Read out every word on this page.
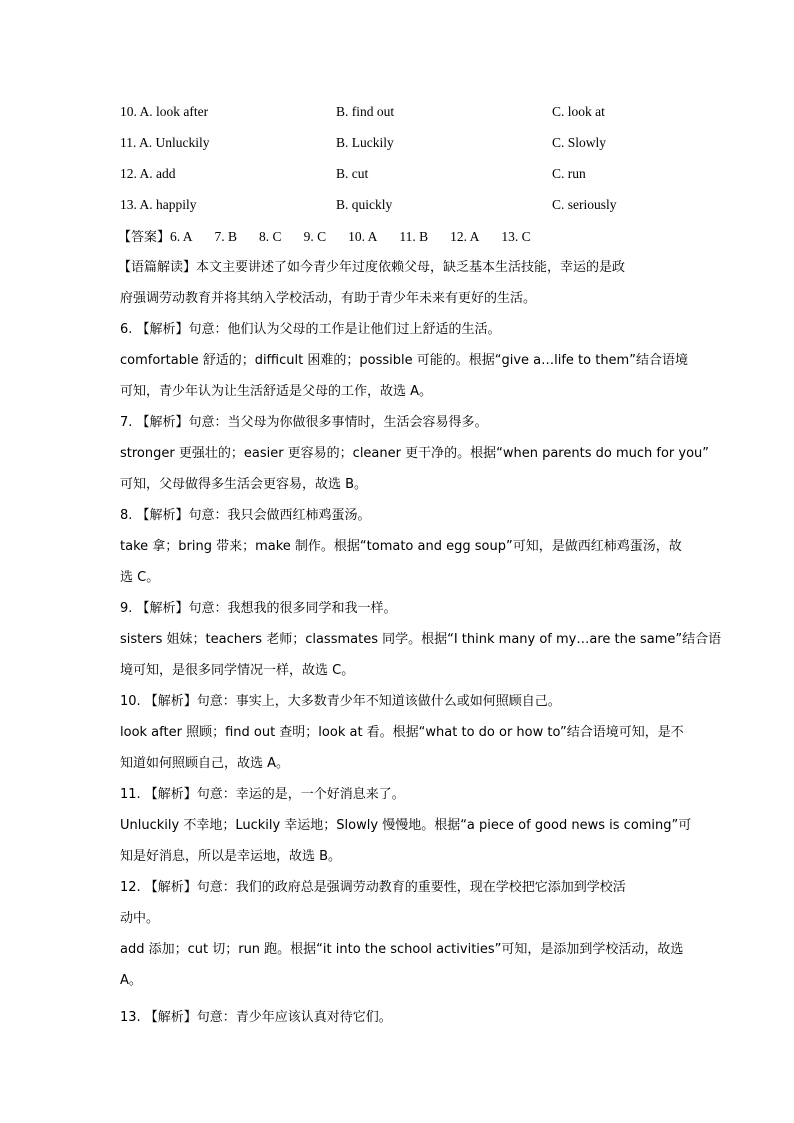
10. A. look after	B. find out	C. look at
11. A. Unluckily	B. Luckily	C. Slowly
12. A. add	B. cut	C. run
13. A. happily	B. quickly	C. seriously
【答案】6. A 7. B 8. C 9. C 10. A 11. B 12. A 13. C
【语篇解读】本文主要讲述了如今青少年过度依赖父母，缺乏基本生活技能，幸运的是政
府强调劳动教育并将其纳入学校活动，有助于青少年未来有更好的生活。
6. 【解析】句意：他们认为父母的工作是让他们过上舒适的生活。
comfortable 舒适的；difficult 困难的；possible 可能的。根据“give a…life to them”结合语境
可知，青少年认为让生活舒适是父母的工作，故选 A。
7. 【解析】句意：当父母为你做很多事情时，生活会容易得多。
stronger 更强壮的；easier 更容易的；cleaner 更干净的。根据“when parents do much for you”
可知，父母做得多生活会更容易，故选 B。
8. 【解析】句意：我只会做西红柿鸡蛋汤。
take 拿；bring 带来；make 制作。根据“tomato and egg soup”可知，是做西红柿鸡蛋汤，故
选 C。
9. 【解析】句意：我想我的很多同学和我一样。
sisters 姐妹；teachers 老师；classmates 同学。根据“I think many of my…are the same”结合语
境可知，是很多同学情况一样，故选 C。
10. 【解析】句意：事实上，大多数青少年不知道该做什么或如何照顾自己。
look after 照顾；find out 查明；look at 看。根据“what to do or how to”结合语境可知，是不
知道如何照顾自己，故选 A。
11. 【解析】句意：幸运的是，一个好消息来了。
Unluckily 不幸地；Luckily 幸运地；Slowly 慢慢地。根据“a piece of good news is coming”可
知是好消息，所以是幸运地，故选 B。
12. 【解析】句意：我们的政府总是强调劳动教育的重要性，现在学校把它添加到学校活
动中。
add 添加；cut 切；run 跑。根据“it into the school activities”可知，是添加到学校活动，故选
A。
13. 【解析】句意：青少年应该认真对待它们。
